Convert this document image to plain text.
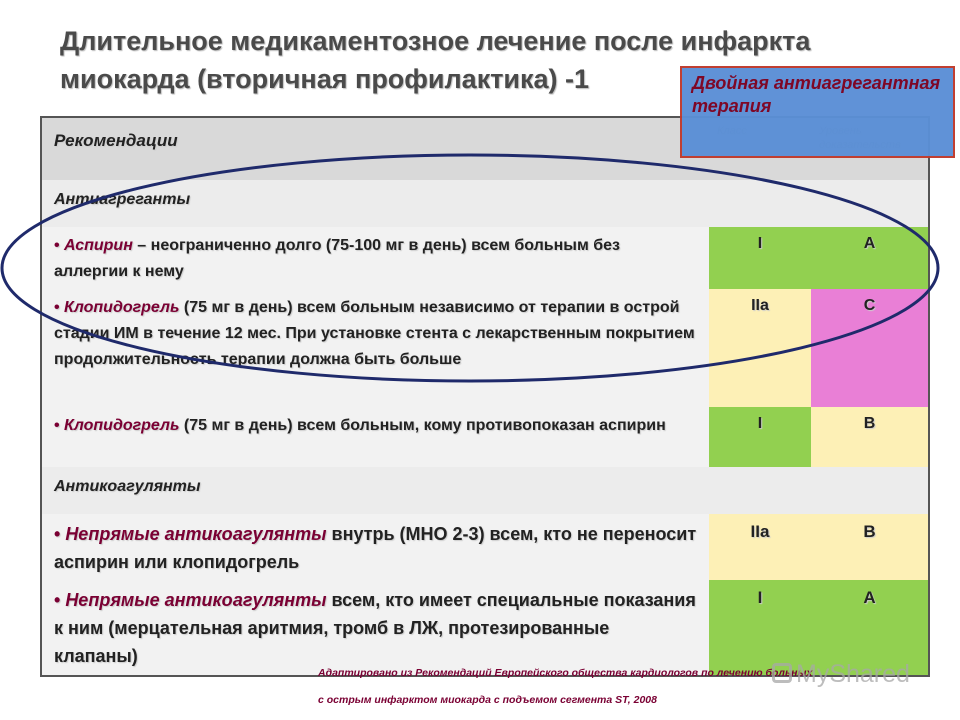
Длительное медикаментозное лечение после инфаркта
миокарда (вторичная профилактика) -1	Двойная антиагрегантная терапия
Рекомендации		
Антиагреганты		
• Аспирин – неограниченно долго (75-100 мг в день) всем больным без аллергии к нему	I	A
• Клопидогрель (75 мг в день) всем больным независимо от терапии в острой стадии ИМ в течение 12 мес. При установке стента с лекарственным покрытием продолжительность терапии должна быть больше	IIa	C
• Клопидогрель (75 мг в день) всем больным, кому противопоказан аспирин	I	B
Антикоагулянты		
• Непрямые антикоагулянты внутрь (МНО 2-3) всем, кто не переносит аспирин или клопидогрель	IIa	B
• Непрямые антикоагулянты всем, кто имеет специальные показания к ним (мерцательная аритмия, тромб в ЛЖ, протезированные клапаны)	I	A
Адаптировано из Рекомендаций Европейского общества кардиологов по лечению больных
с острым инфарктом миокарда с подъемом сегмента ST, 2008
MyShared
